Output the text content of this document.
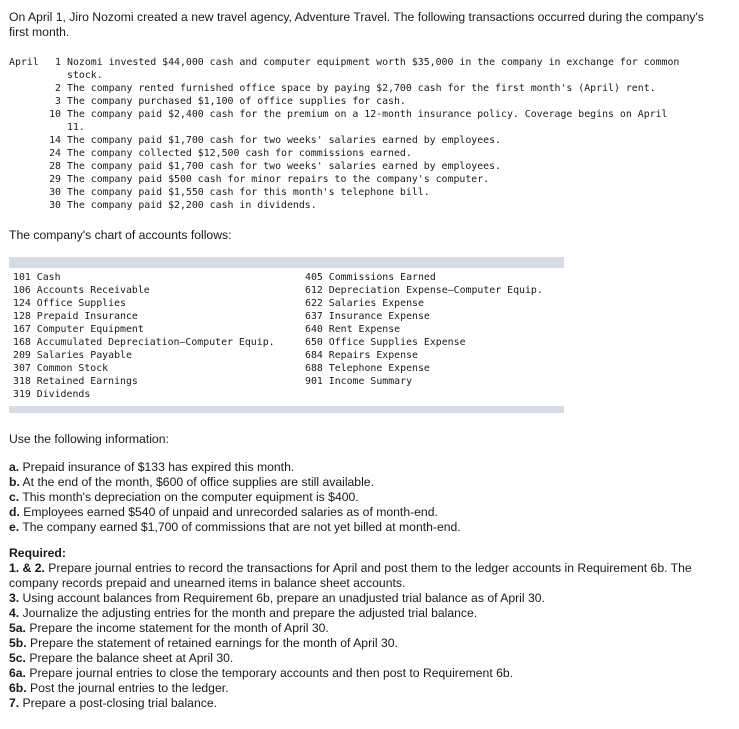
On April 1, Jiro Nozomi created a new travel agency, Adventure Travel. The following transactions occurred during the company's first month.
April	1 Nozomi invested $44,000 cash and computer equipment worth $35,000 in the company in exchange for common
stock.
2 The company rented furnished office space by paying $2,700 cash for the first month's (April) rent.
3 The company purchased $1,100 of office supplies for cash.
10 The company paid $2,400 cash for the premium on a 12-month insurance policy. Coverage begins on April
11.
14 The company paid $1,700 cash for two weeks' salaries earned by employees.
24 The company collected $12,500 cash for commissions earned.
28 The company paid $1,700 cash for two weeks' salaries earned by employees.
29 The company paid $500 cash for minor repairs to the company's computer.
30 The company paid $1,550 cash for this month's telephone bill.
30 The company paid $2,200 cash in dividends.
The company's chart of accounts follows:
101 Cash
106 Accounts Receivable
124 Office Supplies
128 Prepaid Insurance
167 Computer Equipment
168 Accumulated Depreciation—Computer Equip.
209 Salaries Payable
307 Common Stock
318 Retained Earnings
319 Dividends
405 Commissions Earned
612 Depreciation Expense—Computer Equip.
622 Salaries Expense
637 Insurance Expense
640 Rent Expense
650 Office Supplies Expense
684 Repairs Expense
688 Telephone Expense
901 Income Summary
Use the following information:
a. Prepaid insurance of $133 has expired this month.
b. At the end of the month, $600 of office supplies are still available.
c. This month's depreciation on the computer equipment is $400.
d. Employees earned $540 of unpaid and unrecorded salaries as of month-end.
e. The company earned $1,700 of commissions that are not yet billed at month-end.
Required:
1. & 2. Prepare journal entries to record the transactions for April and post them to the ledger accounts in Requirement 6b. The company records prepaid and unearned items in balance sheet accounts.
3. Using account balances from Requirement 6b, prepare an unadjusted trial balance as of April 30.
4. Journalize the adjusting entries for the month and prepare the adjusted trial balance.
5a. Prepare the income statement for the month of April 30.
5b. Prepare the statement of retained earnings for the month of April 30.
5c. Prepare the balance sheet at April 30.
6a. Prepare journal entries to close the temporary accounts and then post to Requirement 6b.
6b. Post the journal entries to the ledger.
7. Prepare a post-closing trial balance.
